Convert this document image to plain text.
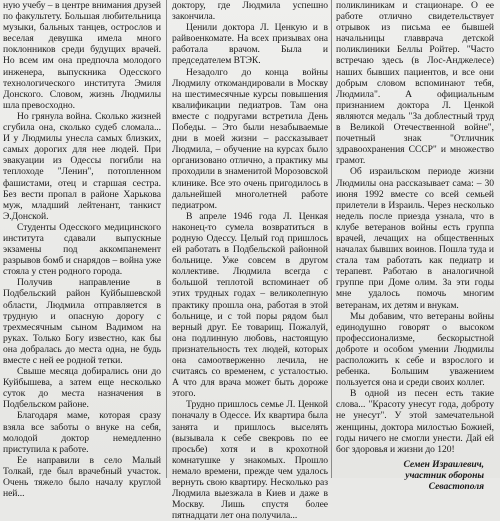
ную учебу – в центре внимания друзей по факультету. Большая любительница музыки, бальных танцев, острослов и веселая девушка имела много поклонников среди будущих врачей. Но всем им она предпочла молодого инженера, выпускника Одесского технологического института Эмиля Донского. Словом, жизнь Людмилы шла превосходно.

Но грянула война. Сколько жизней сгубила она, сколько судеб сломала... И у Людмилы унесла самых близких, самых дорогих для нее людей. При эвакуации из Одессы погибли на теплоходе "Ленин", потопленном фашистами, отец и старшая сестра. Без вести пропал в районе Харькова муж, младший лейтенант, танкист Э.Донской.

Студенты Одесского медицинского института сдавали выпускные экзамены под аккомпанемент разрывов бомб и снарядов – война уже стояла у стен родного города.

Получив направление в Подбельский район Куйбышевской области, Людмила отправляется в трудную и опасную дорогу с трехмесячным сыном Вадимом на руках. Только Богу известно, как бы она добралась до места одна, не будь вместе с ней ее родной тетки.

Свыше месяца добирались они до Куйбышева, а затем еще несколько суток до места назначения в Подбельском районе.

Благодаря маме, которая сразу взяла все заботы о внуке на себя, молодой доктор немедленно приступила к работе.

Ее направили в село Малый Толкай, где был врачебный участок. Очень тяжело было началу круглой ней...

доктору, где Людмила успешно закончила.

Ценили доктора Л. Ценкую и в райвоенкомате. На всех призывах она работала врачом. Была и председателем ВТЭК.

Незадолго до конца войны Людмилу откомандировали в Москву на шестимесячные курсы повышения квалификации педиатров. Там она вместе с подругами встретила День Победы. – Это были незабываемые дни в моей жизни – рассказывает Людмила, – обучение на курсах было организовано отлично, а практику мы проходили в знаменитой Морозовской клинике. Все это очень пригодилось в дальнейшей многолетней работе педиатром.

В апреле 1946 года Л. Ценкая наконец-то сумела возвратиться в родную Одессу. Целый год пришлось ей работать в Подбельской районной больнице. Уже совсем в другом коллективе. Людмила всегда с большой теплотой вспоминает об этих трудных годах – великолепную практику прошла она, работая в этой больнице, и с той поры рядом был верный друг. Ее товарищ. Пожалуй, она подлинную любовь, настоящую признательность тех людей, которых она самоотверженно лечила, не считаясь со временем, с усталостью. А что для врача может быть дороже этого.

Трудно пришлось семье Л. Ценкой поначалу в Одессе. Их квартира была занята и пришлось выселять (вызывала к себе свекровь по ее просьбе) хотя и в крохотной комнатушке у знакомых. Прошло немало времени, прежде чем удалось вернуть свою квартиру. Несколько раз Людмила выезжала в Киев и даже в Москву. Лишь спустя более пятнадцати лет она получила...

поликлиникам и стационаре. О ее работе отлично свидетельствует отрывок из письма ее бывшей начальницы главврача детской поликлиники Беллы Ройтер. "Часто встречаю здесь (в Лос-Анджелесе) наших бывших пациентов, и все они добрым словом вспоминают тебя, Людмила". А официальным признанием доктора Л. Ценкой являются медаль "За доблестный труд в Великой Отечественной войне", почетный знак "Отличник здравоохранения СССР" и множество грамот.

Об израильском периоде жизни Людмилы она рассказывает сама: – 30 июня 1992 вместе со всей семьей прилетели в Израиль. Через несколько недель после приезда узнала, что в клубе ветеранов войны есть группа врачей, лечащих на общественных началах бывших воинов. Пошла туда и стала там работать как педиатр и терапевт. Работаю в аналогичной группе при Доме олим. За эти годы мне удалось помочь многим ветеранам, их детям и внукам.

Мы добавим, что ветераны войны единодушно говорят о высоком профессионализме, бескорыстной доброте и особом умении Людмилы расположить к себе и взрослого и ребенка. Большим уважением пользуется она и среди своих коллег.

В одной из песен есть такие слова... "Красоту унесут года, доброту не унесут". У этой замечательной женщины, доктора милостью Божией, годы ничего не смогли унести. Дай ей бог здоровья и жизни до 120!

Семен Израилевич,
участник обороны
Севастополя
